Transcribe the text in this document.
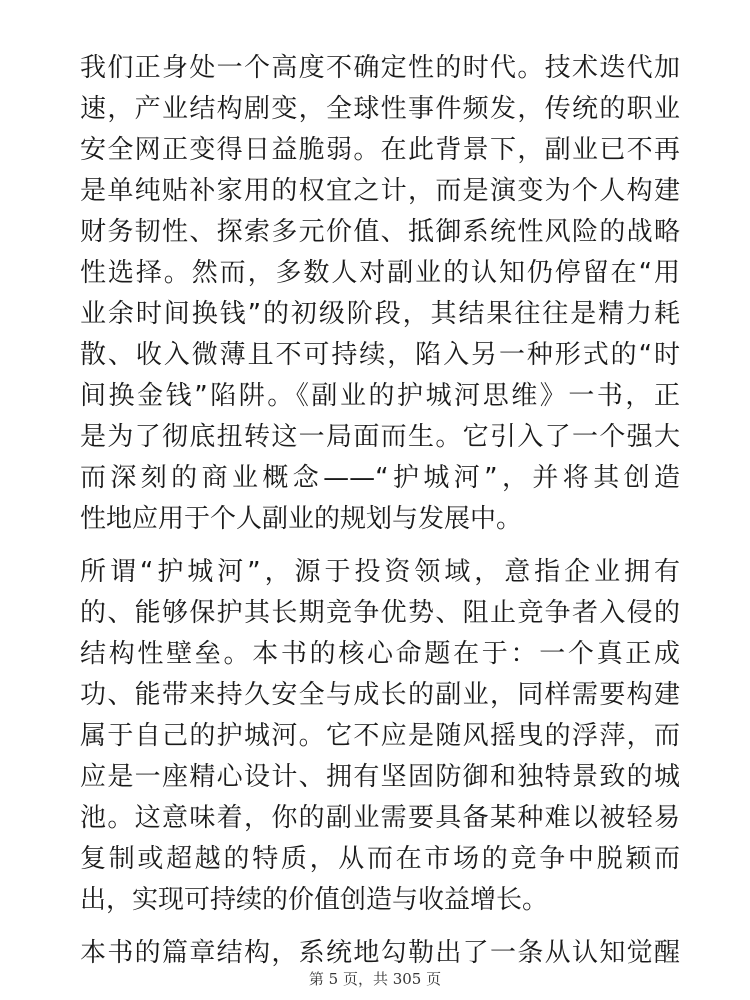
我们正身处一个高度不确定性的时代。技术迭代加
速，产业结构剧变，全球性事件频发，传统的职业
安全网正变得日益脆弱。在此背景下，副业已不再
是单纯贴补家用的权宜之计，而是演变为个人构建
财务韧性、探索多元价值、抵御系统性风险的战略
性选择。然而，多数人对副业的认知仍停留在“用
业余时间换钱”的初级阶段，其结果往往是精力耗
散、收入微薄且不可持续，陷入另一种形式的“时
间换金钱”陷阱。《副业的护城河思维》一书，正
是为了彻底扭转这一局面而生。它引入了一个强大
而深刻的商业概念——“护城河”，并将其创造
性地应用于个人副业的规划与发展中。
所谓“护城河”，源于投资领域，意指企业拥有
的、能够保护其长期竞争优势、阻止竞争者入侵的
结构性壁垒。本书的核心命题在于：一个真正成
功、能带来持久安全与成长的副业，同样需要构建
属于自己的护城河。它不应是随风摇曳的浮萍，而
应是一座精心设计、拥有坚固防御和独特景致的城
池。这意味着，你的副业需要具备某种难以被轻易
复制或超越的特质，从而在市场的竞争中脱颖而
出，实现可持续的价值创造与收益增长。
本书的篇章结构，系统地勾勒出了一条从认知觉醒
第 5 页，共 305 页
